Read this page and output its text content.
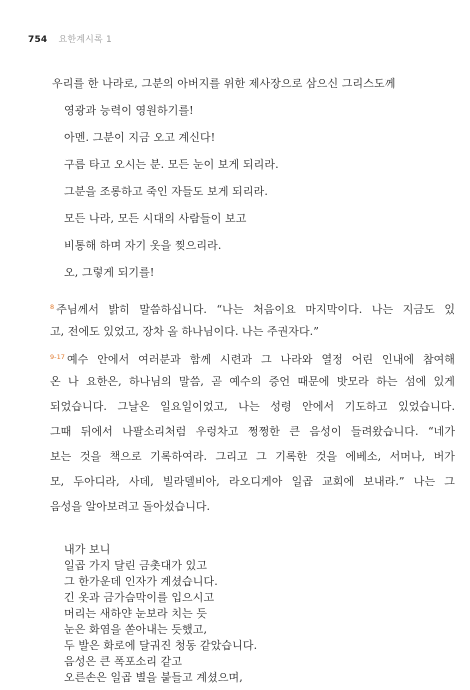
754 요한계시록 1
우리를 한 나라로, 그분의 아버지를 위한 제사장으로 삼으신 그리스도께
영광과 능력이 영원하기를!
아멘. 그분이 지금 오고 계신다!
구름 타고 오시는 분. 모든 눈이 보게 되리라.
그분을 조롱하고 죽인 자들도 보게 되리라.
모든 나라, 모든 시대의 사람들이 보고
비통해 하며 자기 옷을 찢으리라.
오, 그렇게 되기를!
$^8$ 주님께서 밝히 말씀하십니다. “나는 처음이요 마지막이다. 나는 지금도 있
고, 전에도 있었고, 장차 올 하나님이다. 나는 주권자다.”
$^{9-17}$ 예수 안에서 여러분과 함께 시련과 그 나라와 열정 어린 인내에 참여해
온 나 요한은, 하나님의 말씀, 곧 예수의 증언 때문에 밧모라 하는 섬에 있게
되었습니다. 그날은 일요일이었고, 나는 성령 안에서 기도하고 있었습니다.
그때 뒤에서 나팔소리처럼 우렁차고 쩡쩡한 큰 음성이 들려왔습니다. “네가
보는 것을 책으로 기록하여라. 그리고 그 기록한 것을 에베소, 서머나, 버가
모, 두아디라, 사데, 빌라델비아, 라오디게아 일곱 교회에 보내라.” 나는 그
음성을 알아보려고 돌아섰습니다.
내가 보니
일곱 가지 달린 금촛대가 있고
그 한가운데 인자가 계셨습니다.
긴 옷과 금가슴막이를 입으시고
머리는 새하얀 눈보라 치는 듯
눈은 화염을 쏟아내는 듯했고,
두 발은 화로에 달궈진 청동 같았습니다.
음성은 큰 폭포소리 같고
오른손은 일곱 별을 붙들고 계셨으며,
